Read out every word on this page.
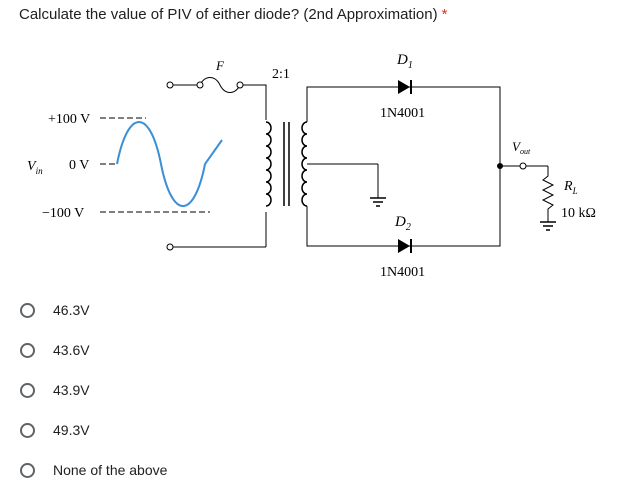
Calculate the value of PIV of either diode? (2nd Approximation) *
+100 V
$V_{in}$ 0 V
−100 V
F
2:1
$D_1$
1N4001
$D_2$
1N4001
$V_{out}$
$R_L$
10 kΩ
46.3V
43.6V
43.9V
49.3V
None of the above
